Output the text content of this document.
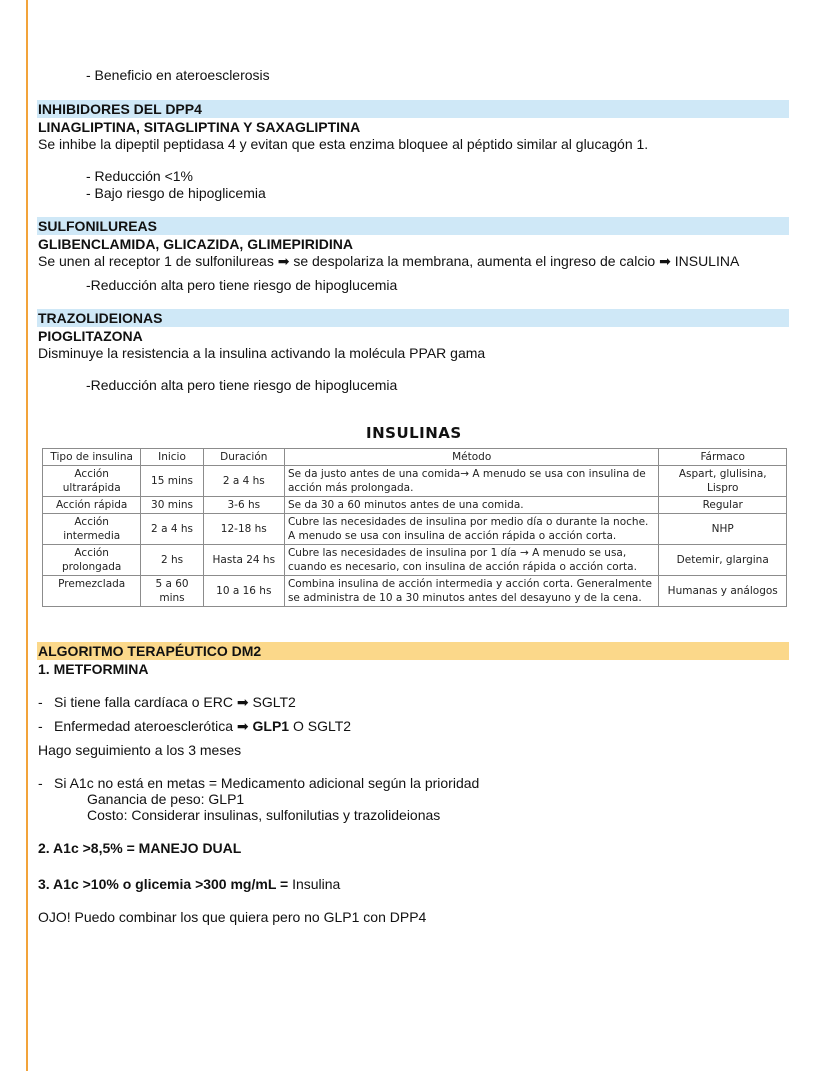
- Beneficio en ateroesclerosis
INHIBIDORES DEL DPP4
LINAGLIPTINA, SITAGLIPTINA Y SAXAGLIPTINA
Se inhibe la dipeptil peptidasa 4 y evitan que esta enzima bloquee al péptido similar al glucagón 1.
- Reducción <1%
- Bajo riesgo de hipoglicemia
SULFONILUREAS
GLIBENCLAMIDA, GLICAZIDA, GLIMEPIRIDINA
Se unen al receptor 1 de sulfonilureas ➡ se despolariza la membrana, aumenta el ingreso de calcio ➡ INSULINA
-Reducción alta pero tiene riesgo de hipoglucemia
TRAZOLIDEIONAS
PIOGLITAZONA
Disminuye la resistencia a la insulina activando la molécula PPAR gama
-Reducción alta pero tiene riesgo de hipoglucemia
INSULINAS
Tipo de insulina	Inicio	Duración	Método	Fármaco
Acción ultrarápida	15 mins	2 a 4 hs	Se da justo antes de una comida→ A menudo se usa con insulina de acción más prolongada.	Aspart, glulisina, Lispro
Acción rápida	30 mins	3-6 hs	Se da 30 a 60 minutos antes de una comida.	Regular
Acción intermedia	2 a 4 hs	12-18 hs	Cubre las necesidades de insulina por medio día o durante la noche. A menudo se usa con insulina de acción rápida o acción corta.	NHP
Acción prolongada	2 hs	Hasta 24 hs	Cubre las necesidades de insulina por 1 día → A menudo se usa, cuando es necesario, con insulina de acción rápida o acción corta.	Detemir, glargina
Premezclada	5 a 60 mins	10 a 16 hs	Combina insulina de acción intermedia y acción corta. Generalmente se administra de 10 a 30 minutos antes del desayuno y de la cena.	Humanas y análogos
ALGORITMO TERAPÉUTICO DM2
1. METFORMINA
- Si tiene falla cardíaca o ERC ➡ SGLT2
- Enfermedad ateroesclerótica ➡ GLP1 O SGLT2
Hago seguimiento a los 3 meses
- Si A1c no está en metas = Medicamento adicional según la prioridad
Ganancia de peso: GLP1
Costo: Considerar insulinas, sulfonilutias y trazolideionas
2. A1c >8,5% = MANEJO DUAL
3. A1c >10% o glicemia >300 mg/mL = Insulina
OJO! Puedo combinar los que quiera pero no GLP1 con DPP4
